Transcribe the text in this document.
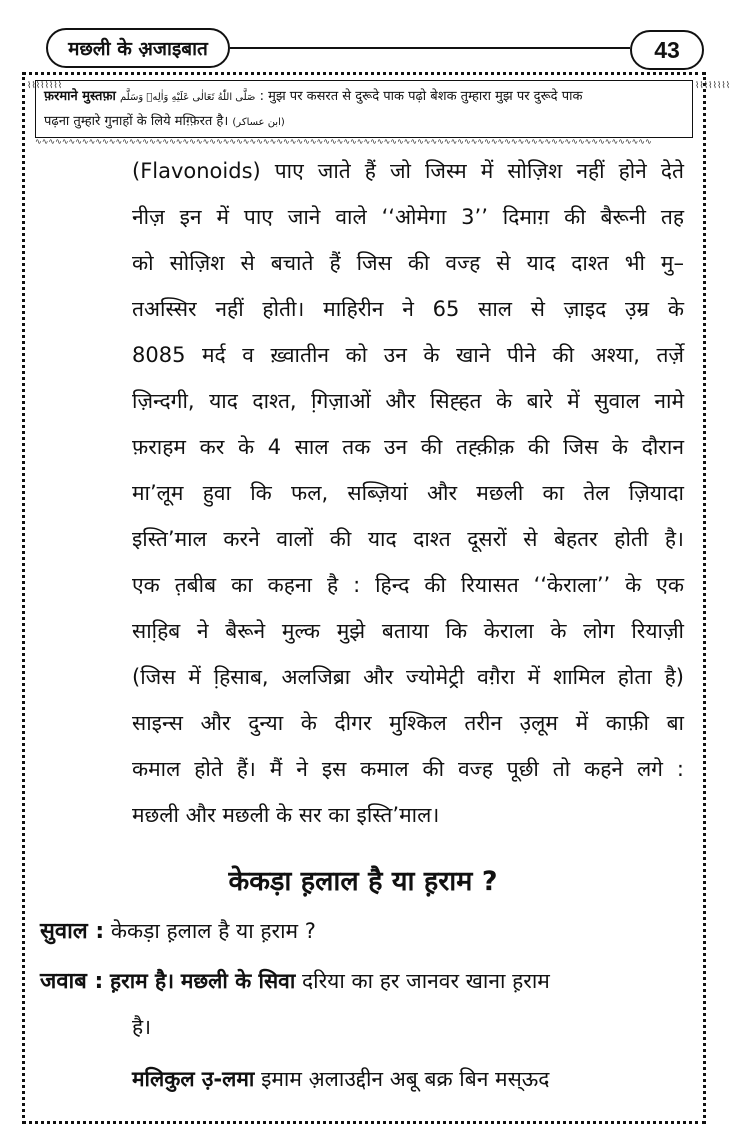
मछली के अ़जाइबात	43
⌇⌇⌇⌇⌇⌇⌇⌇	⌇⌇⌇⌇⌇⌇⌇⌇
फ़रमाने मुस्तफ़ा صَلَّى اللّٰهُ تَعَالٰى عَلَيْهِ وَاٰلِهٖ وَسَلَّم : मुझ पर कसरत से दुरूदे पाक पढ़ो बेशक तुम्हारा मुझ पर दुरूदे पाक
पढ़ना तुम्हारे गुनाहों के लिये मग़्फ़िरत है। (ابن عساکر)
∿∿∿∿∿∿∿∿∿∿∿∿∿∿∿∿∿∿∿∿∿∿∿∿∿∿∿∿∿∿∿∿∿∿∿∿∿∿∿∿∿∿∿∿∿∿∿∿∿∿∿∿∿∿∿∿∿∿∿∿∿∿∿∿∿∿∿∿∿∿∿∿∿∿∿∿∿∿∿∿∿∿∿∿∿∿∿∿∿∿∿∿
(Flavonoids) पाए जाते हैं जो जिस्म में सोज़िश नहीं होने देते
नीज़ इन में पाए जाने वाले ‘‘ओमेगा 3’’ दिमाग़ की बैरूनी तह
को सोज़िश से बचाते हैं जिस की वज्ह से याद दाश्त भी मु–
तअस्सिर नहीं होती। माहिरीन ने 65 साल से ज़ाइद उ़म्र के
8085 मर्द व ख़्वातीन को उन के खाने पीने की अश्या, तर्ज़े
ज़िन्दगी, याद दाश्त, गि़ज़ाओं और सिह्हत के बारे में सुवाल नामे
फ़राहम कर के 4 साल तक उन की तह्क़ीक़ की जिस के दौरान
मा’लूम हुवा कि फल, सब्ज़ियां और मछली का तेल ज़ियादा
इस्ति’माल करने वालों की याद दाश्त दूसरों से बेहतर होती है।
एक त़बीब का कहना है : हिन्द की रियासत ‘‘केराला’’ के एक
साहि़ब ने बैरूने मुल्क मुझे बताया कि केराला के लोग रियाज़ी
(जिस में हि़साब, अलजिब्रा और ज्योमेट्री वग़ैरा में शामिल होता है)
साइन्स और दुन्या के दीगर मुश्किल तरीन उ़लूम में काफ़ी बा
कमाल होते हैं। मैं ने इस कमाल की वज्ह पूछी तो कहने लगे :
मछली और मछली के सर का इस्ति’माल।
केकड़ा ह़लाल है या ह़राम ?
सुवाल : केकड़ा ह़लाल है या ह़राम ?
जवाब : ह़राम है। मछली के सिवा दरिया का हर जानवर खाना ह़राम
है।
मलिकुल उ़-लमा इमाम अ़लाउद्दीन अबू बक्र बिन मस्ऊद
